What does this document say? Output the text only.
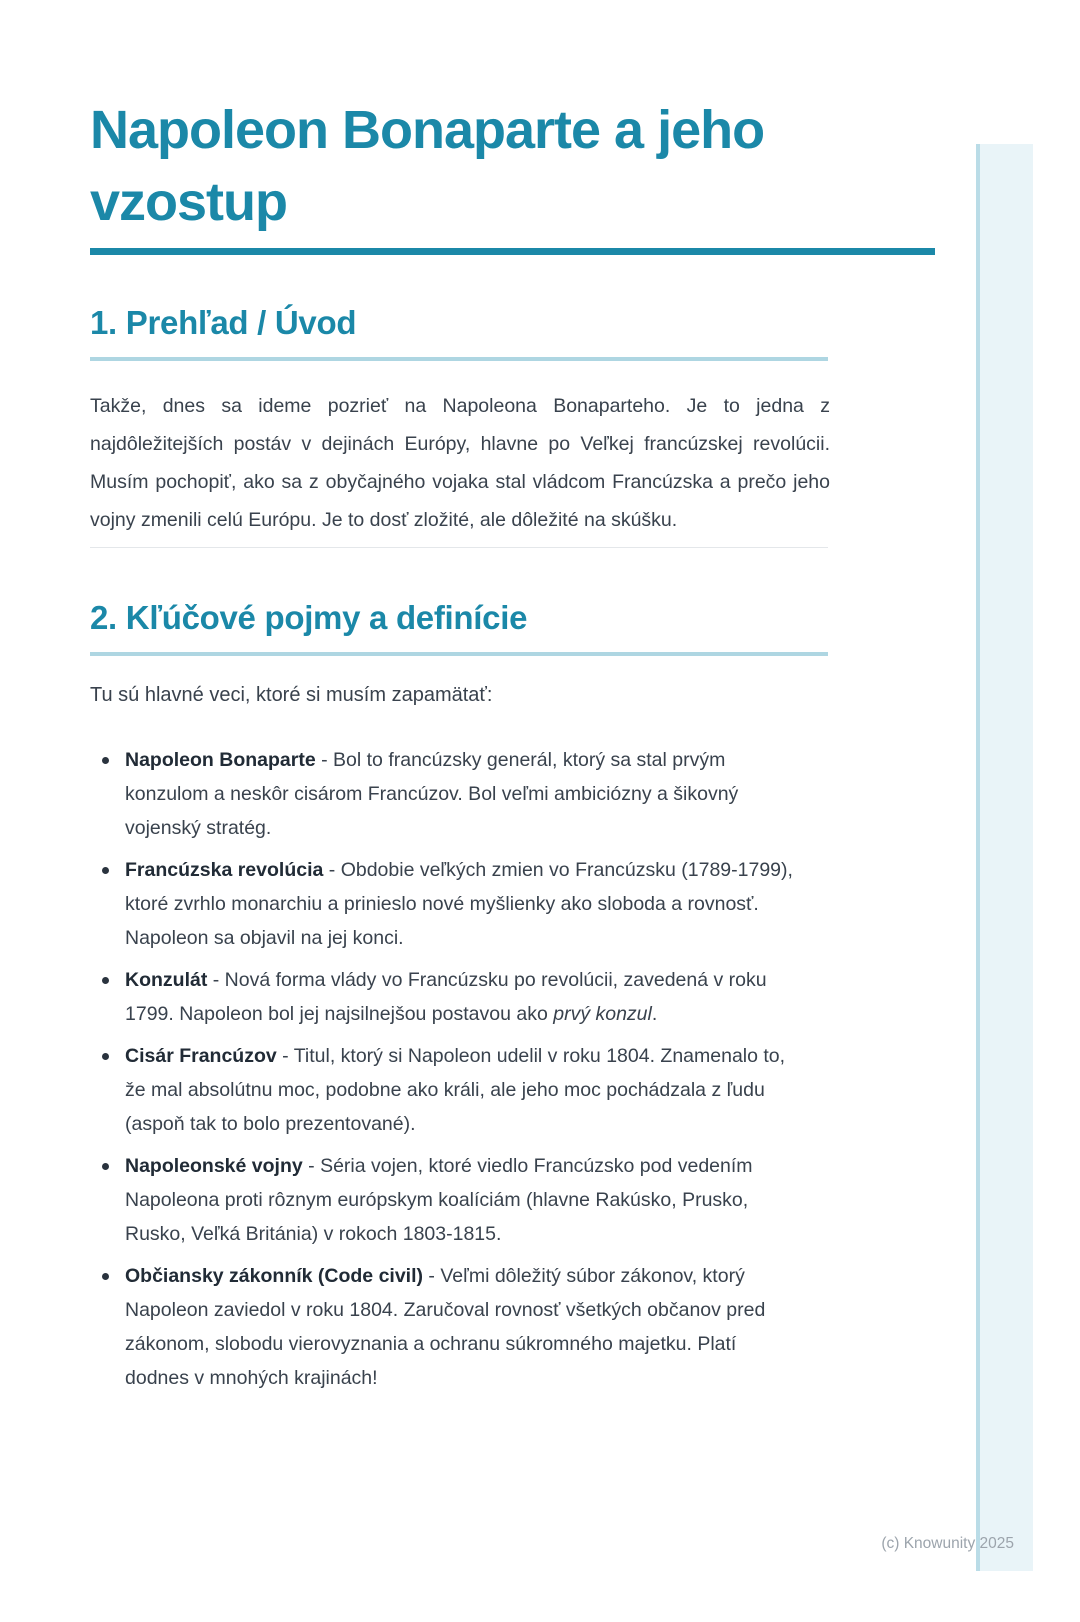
Napoleon Bonaparte a jeho vzostup
1. Prehľad / Úvod

Takže, dnes sa ideme pozrieť na Napoleona Bonaparteho. Je to jedna z najdôležitejších postáv v dejinách Európy, hlavne po Veľkej francúzskej revolúcii. Musím pochopiť, ako sa z obyčajného vojaka stal vládcom Francúzska a prečo jeho vojny zmenili celú Európu. Je to dosť zložité, ale dôležité na skúšku.

2. Kľúčové pojmy a definície

Tu sú hlavné veci, ktoré si musím zapamätať:

Napoleon Bonaparte - Bol to francúzsky generál, ktorý sa stal prvým konzulom a neskôr cisárom Francúzov. Bol veľmi ambiciózny a šikovný vojenský stratég.
Francúzska revolúcia - Obdobie veľkých zmien vo Francúzsku (1789-1799), ktoré zvrhlo monarchiu a prinieslo nové myšlienky ako sloboda a rovnosť. Napoleon sa objavil na jej konci.
Konzulát - Nová forma vlády vo Francúzsku po revolúcii, zavedená v roku 1799. Napoleon bol jej najsilnejšou postavou ako prvý konzul.
Cisár Francúzov - Titul, ktorý si Napoleon udelil v roku 1804. Znamenalo to, že mal absolútnu moc, podobne ako králi, ale jeho moc pochádzala z ľudu (aspoň tak to bolo prezentované).
Napoleonské vojny - Séria vojen, ktoré viedlo Francúzsko pod vedením Napoleona proti rôznym európskym koalíciám (hlavne Rakúsko, Prusko, Rusko, Veľká Británia) v rokoch 1803-1815.
Občiansky zákonník (Code civil) - Veľmi dôležitý súbor zákonov, ktorý Napoleon zaviedol v roku 1804. Zaručoval rovnosť všetkých občanov pred zákonom, slobodu vierovyznania a ochranu súkromného majetku. Platí dodnes v mnohých krajinách!
(c) Knowunity 2025
